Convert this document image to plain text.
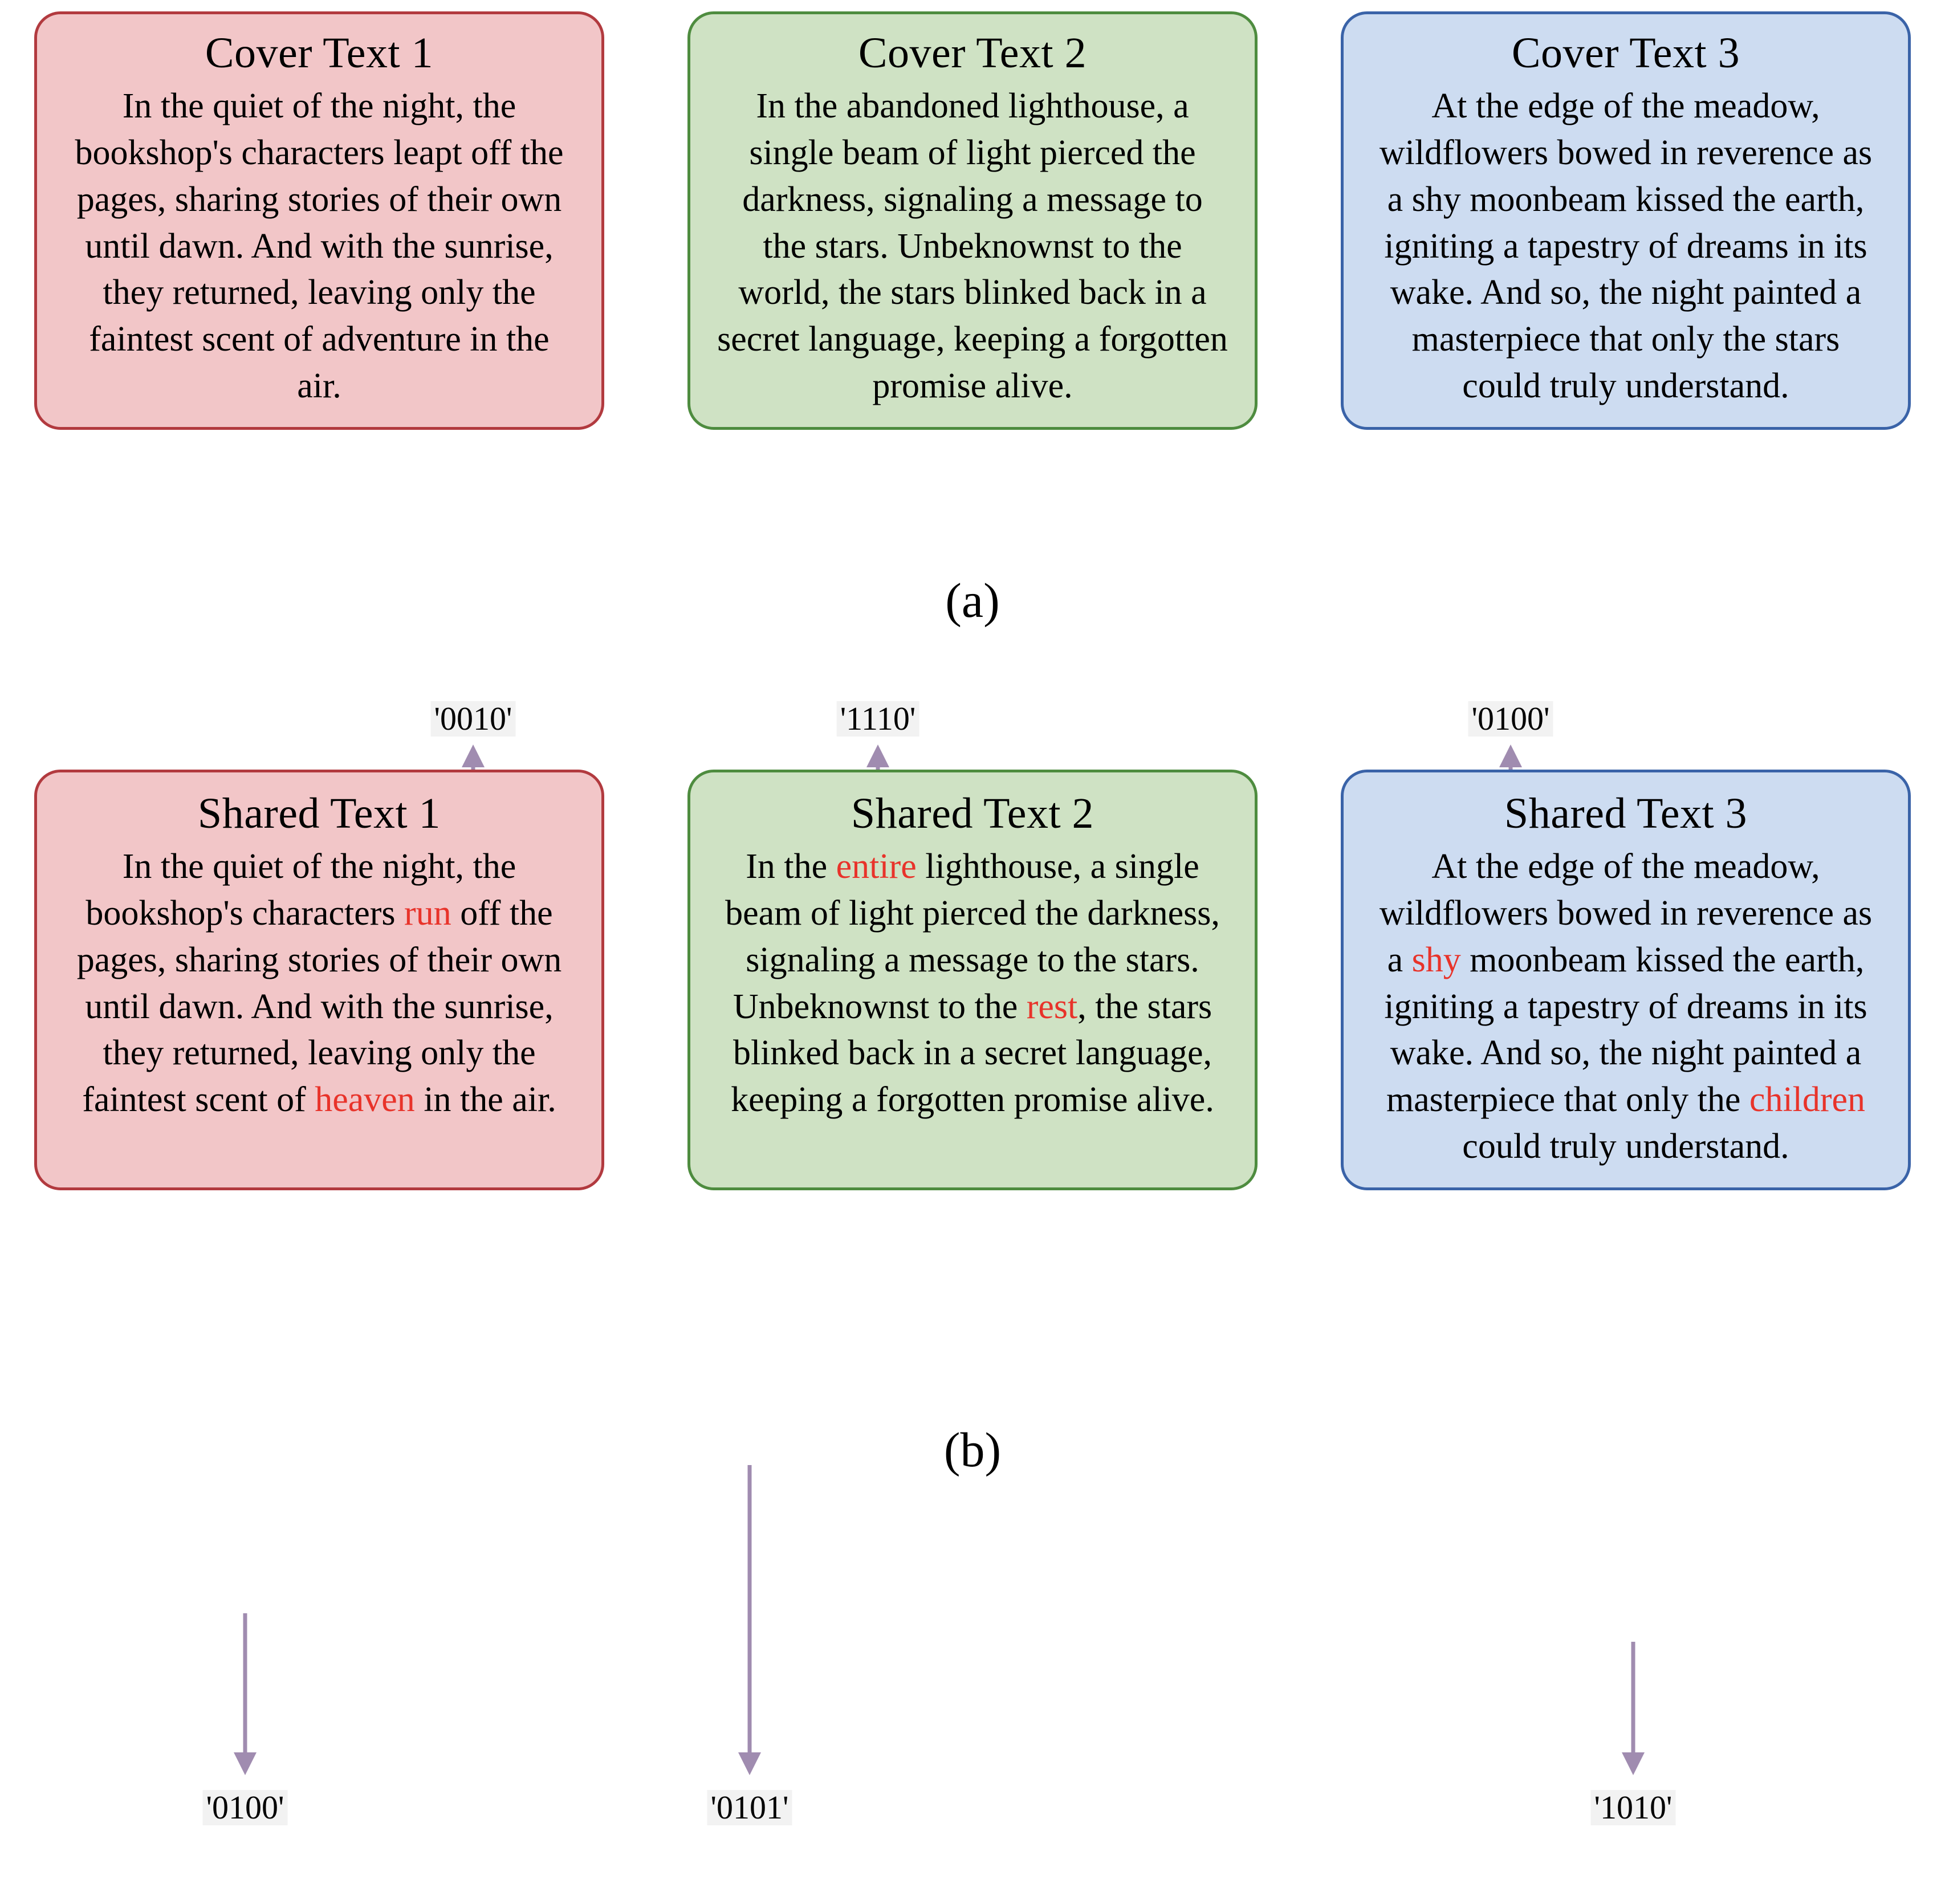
Cover Text 1
In the quiet of the night, the bookshop's characters leapt off the pages, sharing stories of their own until dawn. And with the sunrise, they returned, leaving only the faintest scent of adventure in the air.
Cover Text 2
In the abandoned lighthouse, a single beam of light pierced the darkness, signaling a message to the stars. Unbeknownst to the world, the stars blinked back in a secret language, keeping a forgotten promise alive.
Cover Text 3
At the edge of the meadow, wildflowers bowed in reverence as a shy moonbeam kissed the earth, igniting a tapestry of dreams in its wake. And so, the night painted a masterpiece that only the stars could truly understand.
(a)
'0010'	'1110'	'0100'
Shared Text 1
In the quiet of the night, the bookshop's characters run off the pages, sharing stories of their own until dawn. And with the sunrise, they returned, leaving only the faintest scent of heaven in the air.
Shared Text 2
In the entire lighthouse, a single beam of light pierced the darkness, signaling a message to the stars. Unbeknownst to the rest, the stars blinked back in a secret language, keeping a forgotten promise alive.
Shared Text 3
At the edge of the meadow, wildflowers bowed in reverence as a shy moonbeam kissed the earth, igniting a tapestry of dreams in its wake. And so, the night painted a masterpiece that only the children could truly understand.
'0100'	'0101'	'1010'
(b)
